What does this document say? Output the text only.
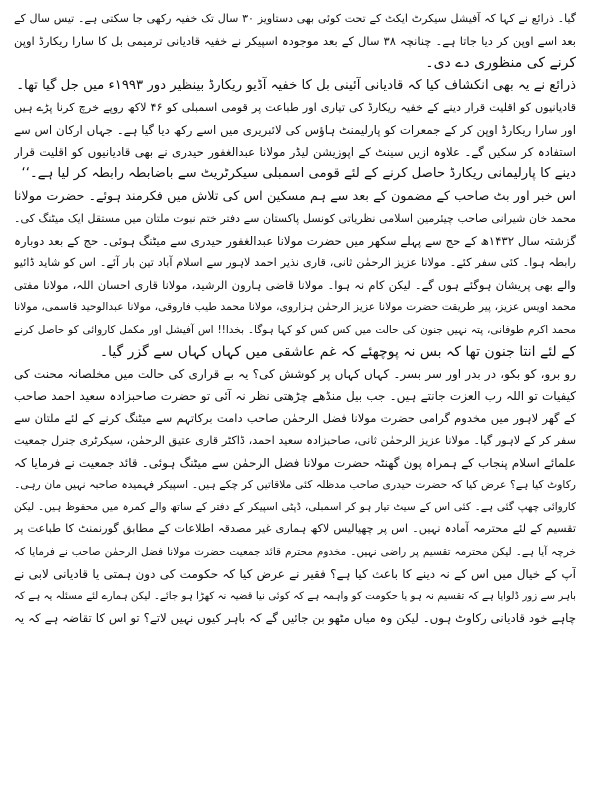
گیا۔ ذرائع نے کہا کہ آفیشل سیکرٹ ایکٹ کے تحت کوئی بھی دستاویز ۳۰ سال تک خفیہ رکھی جا سکتی ہے۔ تیس سال کے
بعد اسے اوپن کر دیا جاتا ہے۔ چنانچہ ۳۸ سال کے بعد موجودہ اسپیکر نے خفیہ قادیانی ترمیمی بل کا سارا ریکارڈ اوپن
کرنے کی منظوری دے دی۔
ذرائع نے یہ بھی انکشاف کیا کہ قادیانی آئینی بل کا خفیہ آڈیو ریکارڈ بینظیر دور ۱۹۹۳ء میں جل گیا تھا۔
قادیانیوں کو اقلیت قرار دینے کے خفیہ ریکارڈ کی تیاری اور طباعت پر قومی اسمبلی کو ۴۶ لاکھ روپے خرچ کرنا پڑے ہیں
اور سارا ریکارڈ اوپن کر کے جمعرات کو پارلیمنٹ ہاؤس کی لائبریری میں اسے رکھ دیا گیا ہے۔ جہاں ارکان اس سے
استفادہ کر سکیں گے۔ علاوہ ازیں سینٹ کے اپوزیشن لیڈر مولانا عبدالغفور حیدری نے بھی قادیانیوں کو اقلیت قرار
دینے کا پارلیمانی ریکارڈ حاصل کرنے کے لئے قومی اسمبلی سیکرٹریٹ سے باضابطہ رابطہ کر لیا ہے۔‘‘
اس خبر اور بٹ صاحب کے مضمون کے بعد سے ہم مسکین اس کی تلاش میں فکرمند ہوئے۔ حضرت مولانا
محمد خان شیرانی صاحب چیئرمین اسلامی نظریاتی کونسل پاکستان سے دفتر ختم نبوت ملتان میں مستقل ایک میٹنگ کی۔
گزشتہ سال ۱۴۳۲ھ کے حج سے پہلے سکھر میں حضرت مولانا عبدالغفور حیدری سے میٹنگ ہوئی۔ حج کے بعد دوبارہ
رابطہ ہوا۔ کئی سفر کئے۔ مولانا عزیز الرحمٰن ثانی، قاری نذیر احمد لاہور سے اسلام آباد تین بار آئے۔ اس کو شاید ڈائیو
والے بھی پریشان ہوگئے ہوں گے۔ لیکن کام نہ ہوا۔ مولانا قاضی ہارون الرشید، مولانا قاری احسان اللہ، مولانا مفتی
محمد اویس عزیز، پیر طریقت حضرت مولانا عزیز الرحمٰن ہزاروی، مولانا محمد طیب فاروقی، مولانا عبدالوحید قاسمی، مولانا
محمد اکرم طوفانی، پتہ نہیں جنون کی حالت میں کس کس کو کہا ہوگا۔ بخدا!! اس آفیشل اور مکمل کاروائی کو حاصل کرنے
کے لئے انتا جنون تھا کہ بس نہ پوچھئے کہ غم عاشقی میں کہاں کہاں سے گزر گیا۔
رو برو، کو بکو، در بدر اور سر بسر۔ کہاں کہاں پر کوشش کی؟ یہ بے قراری کی حالت میں مخلصانہ محنت کی
کیفیات تو اللہ رب العزت جانتے ہیں۔ جب بیل منڈھے چڑھتی نظر نہ آئی تو حضرت صاحبزادہ سعید احمد صاحب
کے گھر لاہور میں مخدوم گرامی حضرت مولانا فضل الرحمٰن صاحب دامت برکاتہم سے میٹنگ کرنے کے لئے ملتان سے
سفر کر کے لاہور گیا۔ مولانا عزیز الرحمٰن ثانی، صاحبزادہ سعید احمد، ڈاکٹر قاری عتیق الرحمٰن، سیکرٹری جنرل جمعیت
علمائے اسلام پنجاب کے ہمراہ پون گھنٹہ حضرت مولانا فضل الرحمٰن سے میٹنگ ہوئی۔ قائد جمعیت نے فرمایا کہ
رکاوٹ کیا ہے؟ عرض کیا کہ حضرت حیدری صاحب مدظلہ کئی ملاقاتیں کر چکے ہیں۔ اسپیکر فہمیدہ صاحبہ نہیں مان رہی۔
کاروائی چھپ گئی ہے۔ کئی اس کے سیٹ تیار ہو کر اسمبلی، ڈپٹی اسپیکر کے دفتر کے ساتھ والے کمرہ میں محفوظ ہیں۔ لیکن
تقسیم کے لئے محترمہ آمادہ نہیں۔ اس پر چھیالیس لاکھ ہماری غیر مصدقہ اطلاعات کے مطابق گورنمنٹ کا طباعت پر
خرچہ آیا ہے۔ لیکن محترمہ تقسیم پر راضی نہیں۔ مخدوم محترم قائد جمعیت حضرت مولانا فضل الرحمٰن صاحب نے فرمایا کہ
آپ کے خیال میں اس کے نہ دینے کا باعث کیا ہے؟ فقیر نے عرض کیا کہ حکومت کی دون ہمتی یا قادیانی لابی نے
باہر سے زور ڈلوایا ہے کہ تقسیم نہ ہو یا حکومت کو واہمہ ہے کہ کوئی نیا قضیہ نہ کھڑا ہو جائے۔ لیکن ہمارے لئے مسئلہ یہ ہے کہ
چاہے خود قادیانی رکاوٹ ہوں۔ لیکن وہ میاں مٹھو بن جائیں گے کہ باہر کیوں نہیں لاتے؟ تو اس کا تقاضہ ہے کہ یہ
